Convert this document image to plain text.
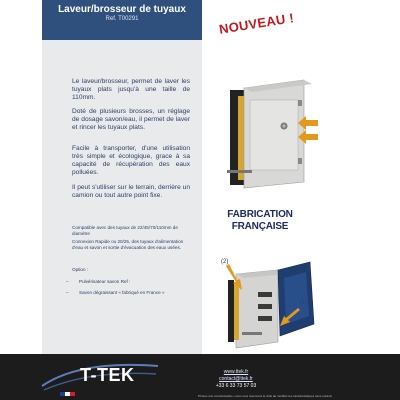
Laveur/brosseur de tuyaux
Ref. T00291

Le laveur/brosseur, permet de laver les tuyaux plats jusqu'à une taille de 110mm.

Doté de plusieurs brosses, un réglage de dosage savon/eau, il permet de laver et rincer les tuyaux plats.

Facile à transporter, d'une utilisation très simple et écologique, grace à sa capacité de récupération des eaux polluées.

Il peut s'utiliser sur le terrain, derrière un camion ou tout autre point fixe.

Compatible avec des tuyaux de 22/45/70/110mm de diamètre

Connexion Rapide ou 20/25, des tuyaux d'alimentation d'eau et savon et sortie d'évacuation des eaux usées.

Option :

– Pulvérisateur savon Ref :

– Savon dégraissant « fabriqué en France »

NOUVEAU !
FABRICATION
FRANÇAISE
(2)
(1)
T-TEK	www.ttek.fr
contact@ttek.fr
+33 6 33 73 57 03
Photos non contractuelles, nous nous réservons le droit de modifier les caractéristiques sans préavis
